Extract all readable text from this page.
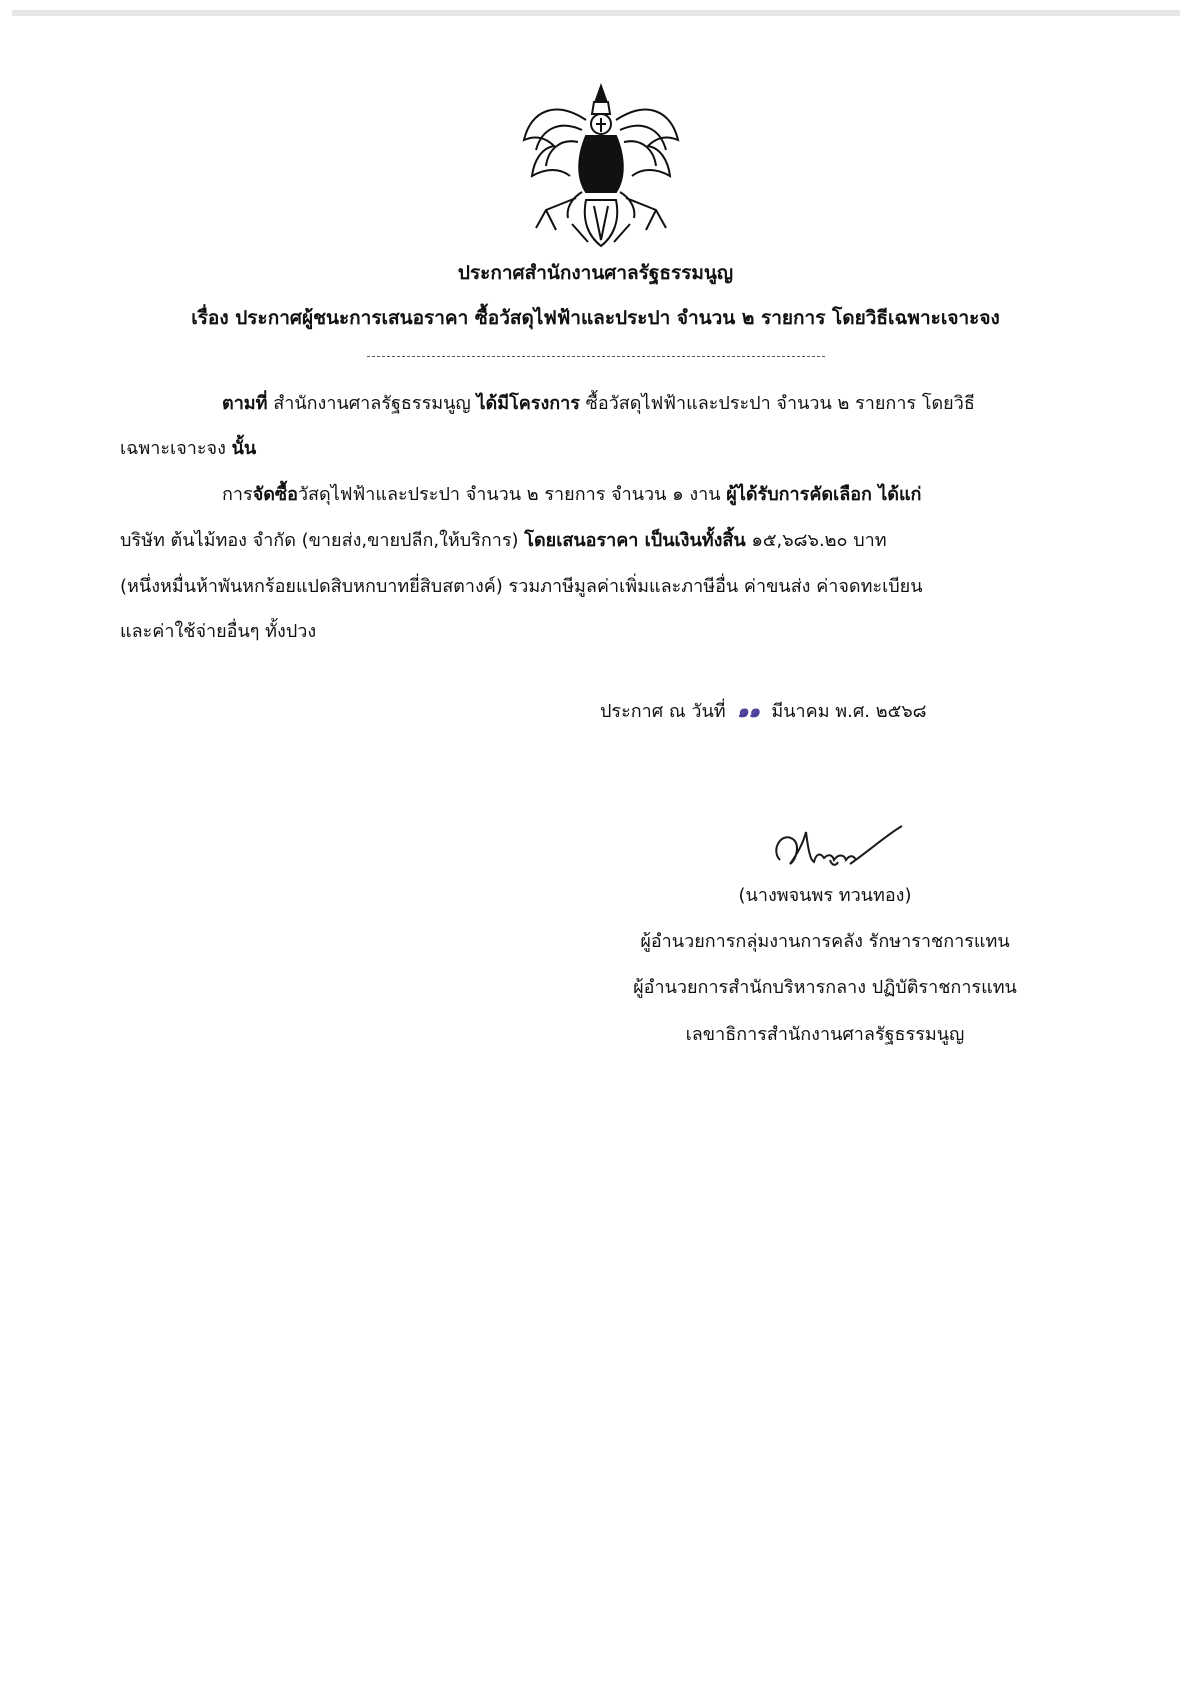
ประกาศสำนักงานศาลรัฐธรรมนูญ
เรื่อง ประกาศผู้ชนะการเสนอราคา ซื้อวัสดุไฟฟ้าและประปา จำนวน ๒ รายการ โดยวิธีเฉพาะเจาะจง
ตามที่ สำนักงานศาลรัฐธรรมนูญ ได้มีโครงการ ซื้อวัสดุไฟฟ้าและประปา จำนวน ๒ รายการ โดยวิธี
เฉพาะเจาะจง นั้น
การจัดซื้อวัสดุไฟฟ้าและประปา จำนวน ๒ รายการ จำนวน ๑ งาน ผู้ได้รับการคัดเลือก ได้แก่
บริษัท ต้นไม้ทอง จำกัด (ขายส่ง,ขายปลีก,ให้บริการ) โดยเสนอราคา เป็นเงินทั้งสิ้น ๑๕,๖๘๖.๒๐ บาท
(หนึ่งหมื่นห้าพันหกร้อยแปดสิบหกบาทยี่สิบสตางค์) รวมภาษีมูลค่าเพิ่มและภาษีอื่น ค่าขนส่ง ค่าจดทะเบียน
และค่าใช้จ่ายอื่นๆ ทั้งปวง
ประกาศ ณ วันที่ ๑๑ มีนาคม พ.ศ. ๒๕๖๘
(นางพจนพร ทวนทอง)
ผู้อำนวยการกลุ่มงานการคลัง รักษาราชการแทน
ผู้อำนวยการสำนักบริหารกลาง ปฏิบัติราชการแทน
เลขาธิการสำนักงานศาลรัฐธรรมนูญ
